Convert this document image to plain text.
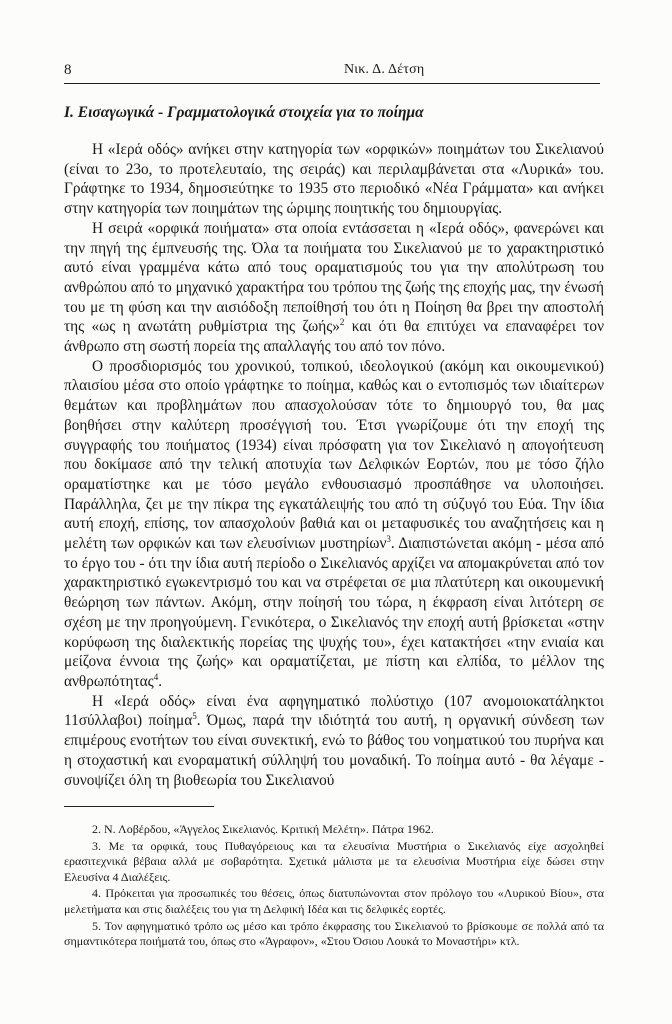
8	Νικ. Δ. Δέτση
Ι. Εισαγωγικά - Γραμματολογικά στοιχεία για το ποίημα

Η «Ιερά οδός» ανήκει στην κατηγορία των «ορφικών» ποιημάτων του Σικελιανού (είναι το 23ο, το προτελευταίο, της σειράς) και περιλαμβάνεται στα «Λυρικά» του. Γράφτηκε το 1934, δημοσιεύτηκε το 1935 στο περιοδικό «Νέα Γράμματα» και ανήκει στην κατηγορία των ποιημάτων της ώριμης ποιητικής του δημιουργίας.

Η σειρά «ορφικά ποιήματα» στα οποία εντάσσεται η «Ιερά οδός», φανερώνει και την πηγή της έμπνευσής της. Όλα τα ποιήματα του Σικελιανού με το χαρακτηριστικό αυτό είναι γραμμένα κάτω από τους οραματισμούς του για την απολύτρωση του ανθρώπου από το μηχανικό χαρακτήρα του τρόπου της ζωής της εποχής μας, την ένωσή του με τη φύση και την αισιόδοξη πεποίθησή του ότι η Ποίηση θα βρει την αποστολή της «ως η ανωτάτη ρυθμίστρια της ζωής»$^2$ και ότι θα επιτύχει να επαναφέρει τον άνθρωπο στη σωστή πορεία της απαλλαγής του από τον πόνο.

Ο προσδιορισμός του χρονικού, τοπικού, ιδεολογικού (ακόμη και οικουμενικού) πλαισίου μέσα στο οποίο γράφτηκε το ποίημα, καθώς και ο εντοπισμός των ιδιαίτερων θεμάτων και προβλημάτων που απασχολούσαν τότε το δημιουργό του, θα μας βοηθήσει στην καλύτερη προσέγγισή του. Έτσι γνωρίζουμε ότι την εποχή της συγγραφής του ποιήματος (1934) είναι πρόσφατη για τον Σικελιανό η απογοήτευση που δοκίμασε από την τελική αποτυχία των Δελφικών Εορτών, που με τόσο ζήλο οραματίστηκε και με τόσο μεγάλο ενθουσιασμό προσπάθησε να υλοποιήσει. Παράλληλα, ζει με την πίκρα της εγκατάλειψής του από τη σύζυγό του Εύα. Την ίδια αυτή εποχή, επίσης, τον απασχολούν βαθιά και οι μεταφυσικές του αναζητήσεις και η μελέτη των ορφικών και των ελευσίνιων μυστηρίων$^3$. Διαπιστώνεται ακόμη - μέσα από το έργο του - ότι την ίδια αυτή περίοδο ο Σικελιανός αρχίζει να απομακρύνεται από τον χαρακτηριστικό εγωκεντρισμό του και να στρέφεται σε μια πλατύτερη και οικουμενική θεώρηση των πάντων. Ακόμη, στην ποίησή του τώρα, η έκφραση είναι λιτότερη σε σχέση με την προηγούμενη. Γενικότερα, ο Σικελιανός την εποχή αυτή βρίσκεται «στην κορύφωση της διαλεκτικής πορείας της ψυχής του», έχει κατακτήσει «την ενιαία και μείζονα έννοια της ζωής» και οραματίζεται, με πίστη και ελπίδα, το μέλλον της ανθρωπότητας$^4$.

Η «Ιερά οδός» είναι ένα αφηγηματικό πολύστιχο (107 ανομοιοκατάληκτοι 11σύλλαβοι) ποίημα$^5$. Όμως, παρά την ιδιότητά του αυτή, η οργανική σύνδεση των επιμέρους ενοτήτων του είναι συνεκτική, ενώ το βάθος του νοηματικού του πυρήνα και η στοχαστική και ενοραματική σύλληψή του μοναδική. Το ποίημα αυτό - θα λέγαμε - συνοψίζει όλη τη βιοθεωρία του Σικελιανού

2. Ν. Λοβέρδου, «Άγγελος Σικελιανός. Κριτική Μελέτη». Πάτρα 1962.

3. Με τα ορφικά, τους Πυθαγόρειους και τα ελευσίνια Μυστήρια ο Σικελιανός είχε ασχοληθεί ερασιτεχνικά βέβαια αλλά με σοβαρότητα. Σχετικά μάλιστα με τα ελευσίνια Μυστήρια είχε δώσει στην Ελευσίνα 4 Διαλέξεις.

4. Πρόκειται για προσωπικές του θέσεις, όπως διατυπώνονται στον πρόλογο του «Λυρικού Βίου», στα μελετήματα και στις διαλέξεις του για τη Δελφική Ιδέα και τις δελφικές εορτές.

5. Τον αφηγηματικό τρόπο ως μέσο και τρόπο έκφρασης του Σικελιανού το βρίσκουμε σε πολλά από τα σημαντικότερα ποιήματά του, όπως στο «Άγραφον», «Στου Όσιου Λουκά το Μοναστήρι» κτλ.
